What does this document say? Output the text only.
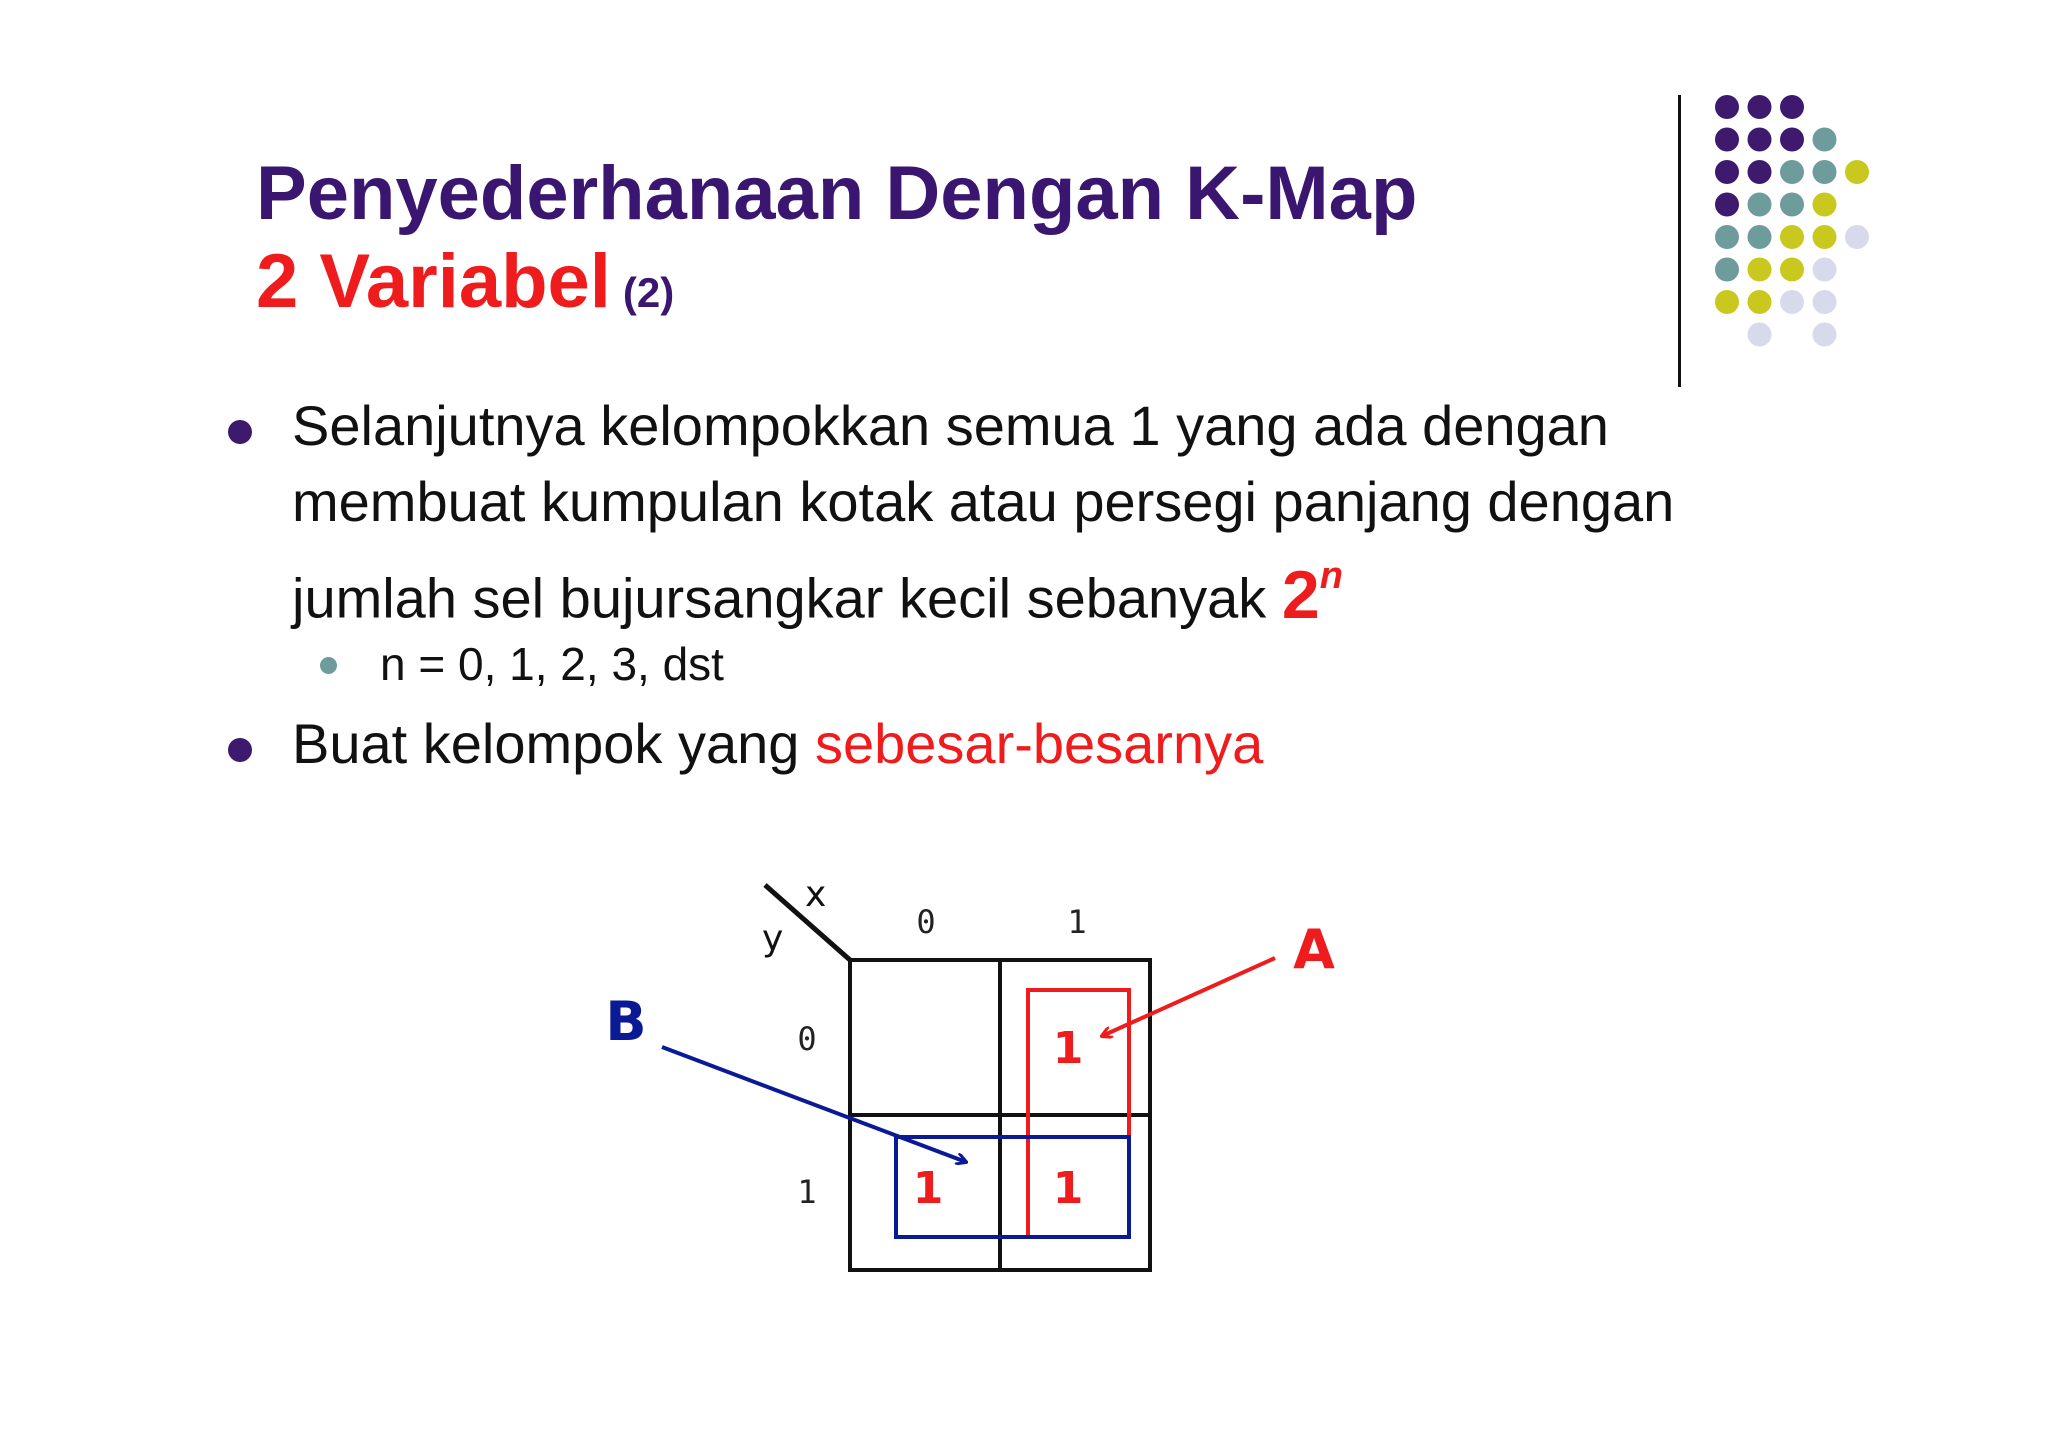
Penyederhanaan Dengan K-Map
2 Variabel (2)
Selanjutnya kelompokkan semua 1 yang ada dengan
membuat kumpulan kotak atau persegi panjang dengan
jumlah sel bujursangkar kecil sebanyak 2$^n$
n = 0, 1, 2, 3, dst
Buat kelompok yang sebesar-besarnya
x
y	0	1
0
1
1
1 1
A
B
